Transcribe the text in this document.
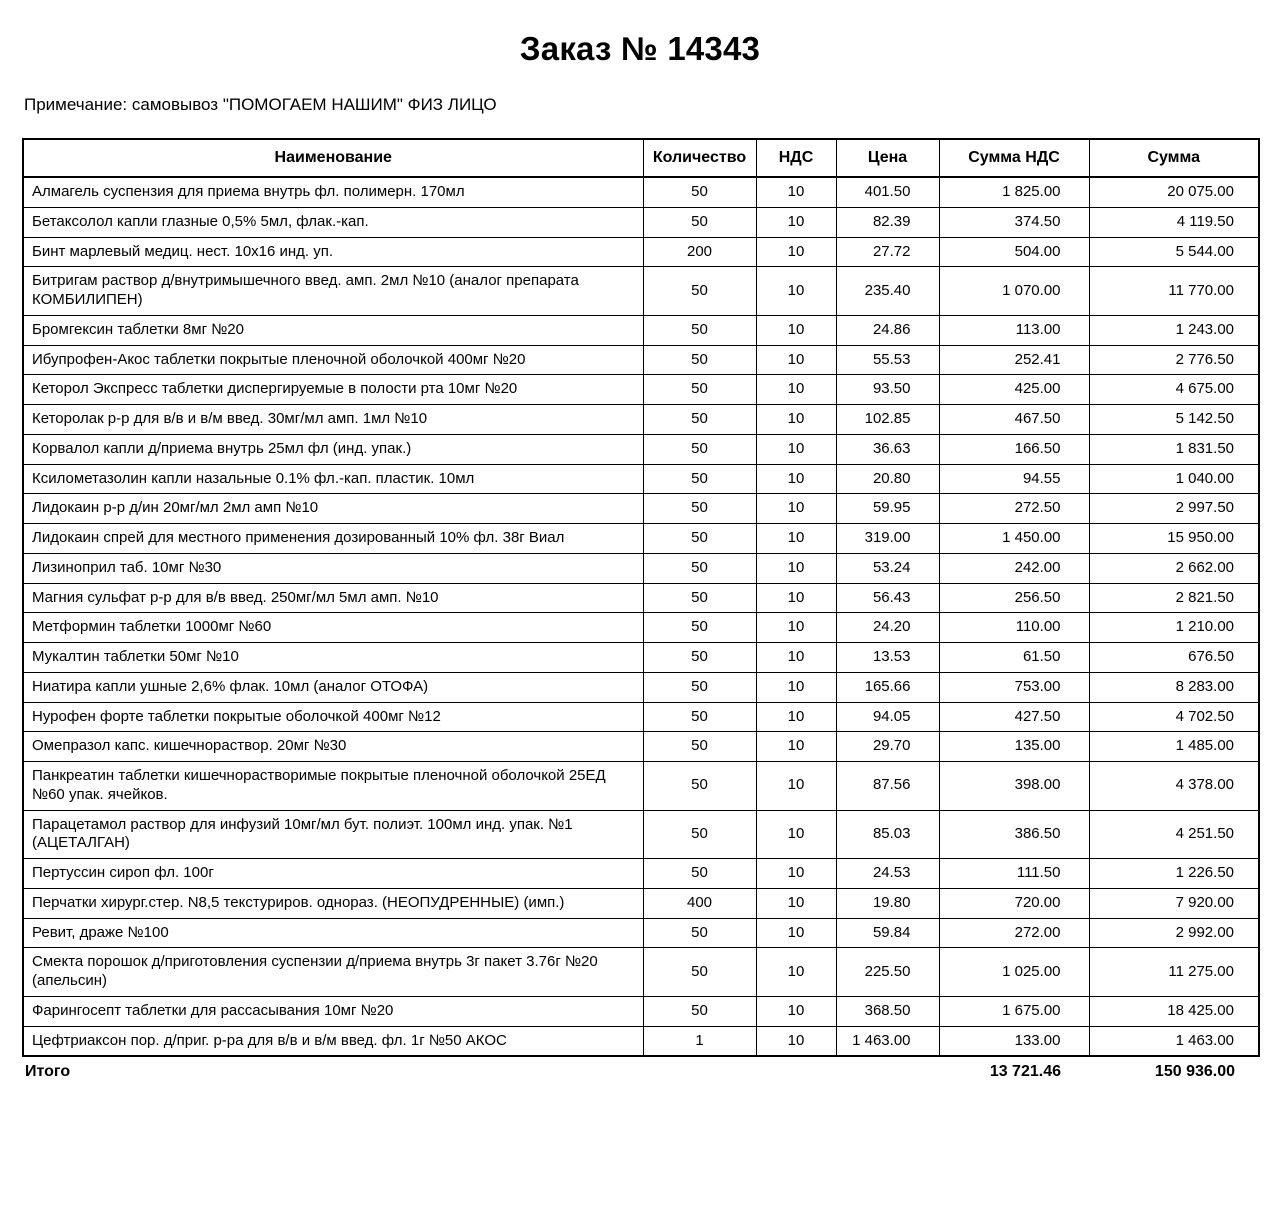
Заказ № 14343

Примечание: самовывоз "ПОМОГАЕМ НАШИМ" ФИЗ ЛИЦО

Наименование	Количество	НДС	Цена	Сумма НДС	Сумма
Алмагель суспензия для приема внутрь фл. полимерн. 170мл	50	10	401.50	1 825.00	20 075.00
Бетаксолол капли глазные 0,5% 5мл, флак.-кап.	50	10	82.39	374.50	4 119.50
Бинт марлевый медиц. нест. 10х16 инд. уп.	200	10	27.72	504.00	5 544.00
Битригам раствор д/внутримышечного введ. амп. 2мл №10 (аналог препарата КОМБИЛИПЕН)	50	10	235.40	1 070.00	11 770.00
Бромгексин таблетки 8мг №20	50	10	24.86	113.00	1 243.00
Ибупрофен-Акос таблетки покрытые пленочной оболочкой 400мг №20	50	10	55.53	252.41	2 776.50
Кеторол Экспресс таблетки диспергируемые в полости рта 10мг №20	50	10	93.50	425.00	4 675.00
Кеторолак р-р для в/в и в/м введ. 30мг/мл амп. 1мл №10	50	10	102.85	467.50	5 142.50
Корвалол капли д/приема внутрь 25мл фл (инд. упак.)	50	10	36.63	166.50	1 831.50
Ксилометазолин капли назальные 0.1% фл.-кап. пластик. 10мл	50	10	20.80	94.55	1 040.00
Лидокаин р-р д/ин 20мг/мл 2мл амп №10	50	10	59.95	272.50	2 997.50
Лидокаин спрей для местного применения дозированный 10% фл. 38г Виал	50	10	319.00	1 450.00	15 950.00
Лизиноприл таб. 10мг №30	50	10	53.24	242.00	2 662.00
Магния сульфат р-р для в/в введ. 250мг/мл 5мл амп. №10	50	10	56.43	256.50	2 821.50
Метформин таблетки 1000мг №60	50	10	24.20	110.00	1 210.00
Мукалтин таблетки 50мг №10	50	10	13.53	61.50	676.50
Ниатира капли ушные 2,6% флак. 10мл (аналог ОТОФА)	50	10	165.66	753.00	8 283.00
Нурофен форте таблетки покрытые оболочкой 400мг №12	50	10	94.05	427.50	4 702.50
Омепразол капс. кишечнораствор. 20мг №30	50	10	29.70	135.00	1 485.00
Панкреатин таблетки кишечнорастворимые покрытые пленочной оболочкой 25ЕД №60 упак. ячейков.	50	10	87.56	398.00	4 378.00
Парацетамол раствор для инфузий 10мг/мл бут. полиэт. 100мл инд. упак. №1 (АЦЕТАЛГАН)	50	10	85.03	386.50	4 251.50
Пертуссин сироп фл. 100г	50	10	24.53	111.50	1 226.50
Перчатки хирург.стер. N8,5 текстуриров. однораз. (НЕОПУДРЕННЫЕ) (имп.)	400	10	19.80	720.00	7 920.00
Ревит, драже №100	50	10	59.84	272.00	2 992.00
Смекта порошок д/приготовления суспензии д/приема внутрь 3г пакет 3.76г №20 (апельсин)	50	10	225.50	1 025.00	11 275.00
Фарингосепт таблетки для рассасывания 10мг №20	50	10	368.50	1 675.00	18 425.00
Цефтриаксон пор. д/приг. р-ра для в/в и в/м введ. фл. 1г №50 АКОС	1	10	1 463.00	133.00	1 463.00
Итого				13 721.46	150 936.00
